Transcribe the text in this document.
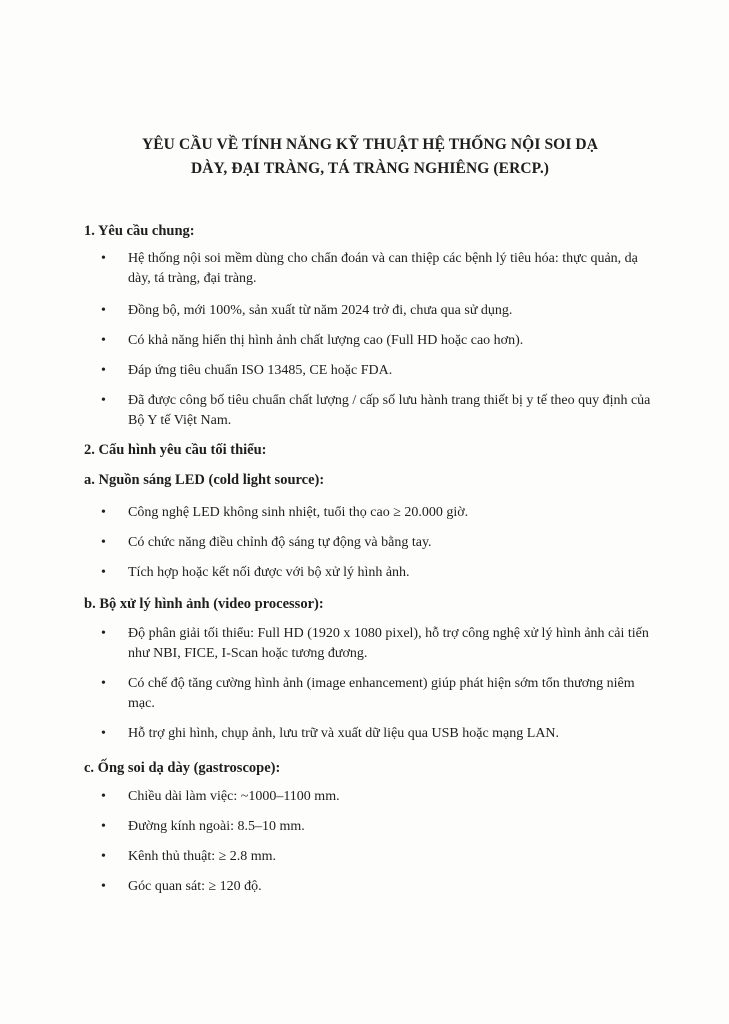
YÊU CẦU VỀ TÍNH NĂNG KỸ THUẬT HỆ THỐNG NỘI SOI DẠ
DÀY, ĐẠI TRÀNG, TÁ TRÀNG NGHIÊNG (ERCP.)
1. Yêu cầu chung:
•	Hệ thống nội soi mềm dùng cho chẩn đoán và can thiệp các bệnh lý tiêu hóa: thực quản, dạ dày, tá tràng, đại tràng.
•	Đồng bộ, mới 100%, sản xuất từ năm 2024 trở đi, chưa qua sử dụng.
•	Có khả năng hiển thị hình ảnh chất lượng cao (Full HD hoặc cao hơn).
•	Đáp ứng tiêu chuẩn ISO 13485, CE hoặc FDA.
•	Đã được công bố tiêu chuẩn chất lượng / cấp số lưu hành trang thiết bị y tế theo quy định của Bộ Y tế Việt Nam.
2. Cấu hình yêu cầu tối thiểu:
a. Nguồn sáng LED (cold light source):
•	Công nghệ LED không sinh nhiệt, tuổi thọ cao ≥ 20.000 giờ.
•	Có chức năng điều chỉnh độ sáng tự động và bằng tay.
•	Tích hợp hoặc kết nối được với bộ xử lý hình ảnh.
b. Bộ xử lý hình ảnh (video processor):
•	Độ phân giải tối thiểu: Full HD (1920 x 1080 pixel), hỗ trợ công nghệ xử lý hình ảnh cải tiến như NBI, FICE, I-Scan hoặc tương đương.
•	Có chế độ tăng cường hình ảnh (image enhancement) giúp phát hiện sớm tổn thương niêm mạc.
•	Hỗ trợ ghi hình, chụp ảnh, lưu trữ và xuất dữ liệu qua USB hoặc mạng LAN.
c. Ống soi dạ dày (gastroscope):
•	Chiều dài làm việc: ~1000–1100 mm.
•	Đường kính ngoài: 8.5–10 mm.
•	Kênh thủ thuật: ≥ 2.8 mm.
•	Góc quan sát: ≥ 120 độ.
